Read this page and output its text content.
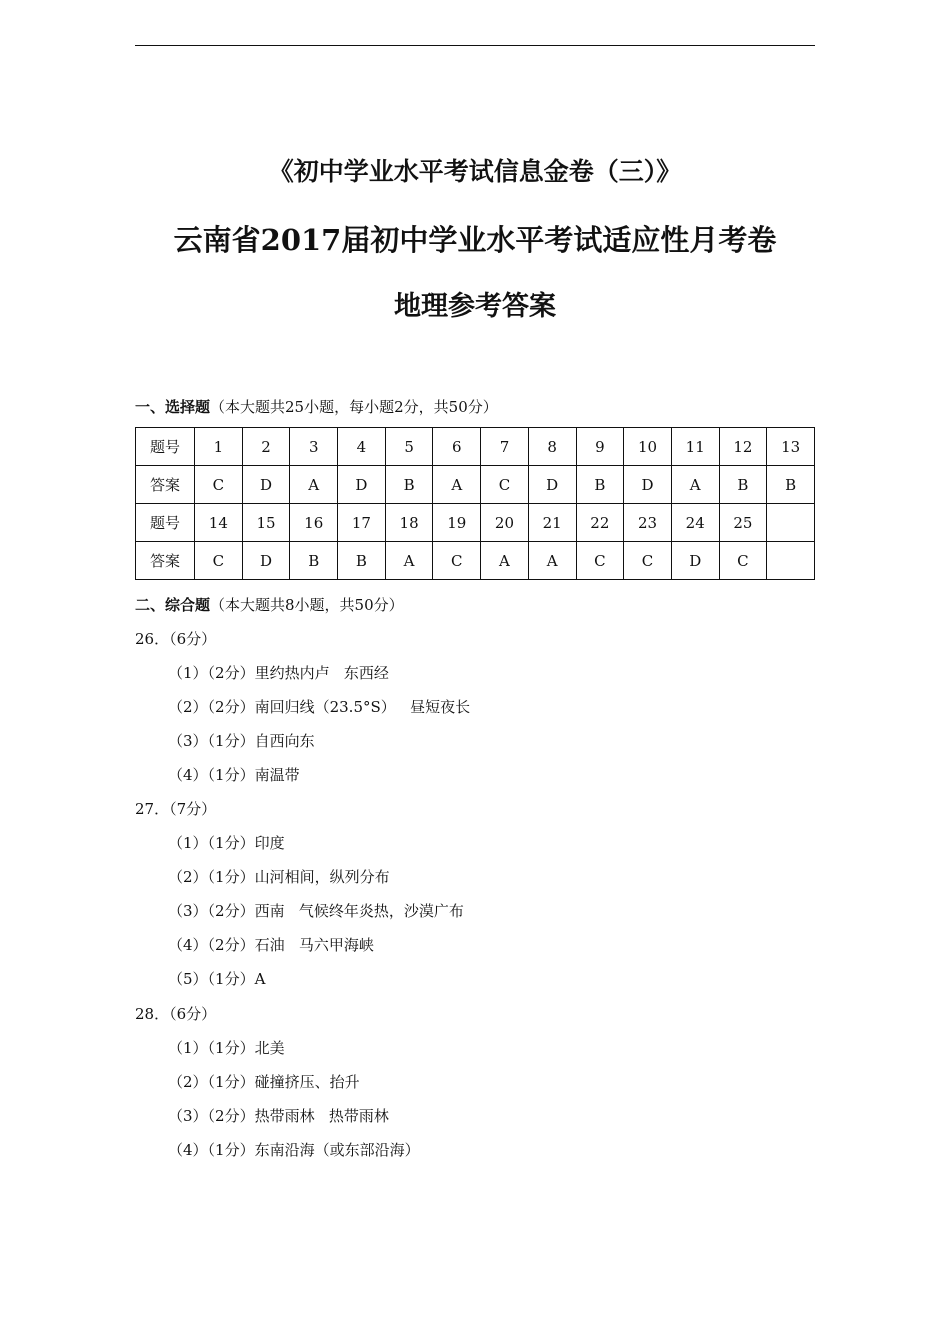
《初中学业水平考试信息金卷（三）》
云南省2017届初中学业水平考试适应性月考卷
地理参考答案
一、选择题（本大题共25小题，每小题2分，共50分）
题号	1	2	3	4	5	6	7	8	9	10	11	12	13
答案	C	D	A	D	B	A	C	D	B	D	A	B	B
题号	14	15	16	17	18	19	20	21	22	23	24	25	
答案	C	D	B	B	A	C	A	A	C	C	D	C	
二、综合题（本大题共8小题，共50分）
26．（6分）
（1）（2分）里约热内卢   东西经
（2）（2分）南回归线（23.5°S）   昼短夜长
（3）（1分）自西向东
（4）（1分）南温带
27．（7分）
（1）（1分）印度
（2）（1分）山河相间，纵列分布
（3）（2分）西南   气候终年炎热，沙漠广布
（4）（2分）石油   马六甲海峡
（5）（1分）A
28．（6分）
（1）（1分）北美
（2）（1分）碰撞挤压、抬升
（3）（2分）热带雨林   热带雨林
（4）（1分）东南沿海（或东部沿海）
